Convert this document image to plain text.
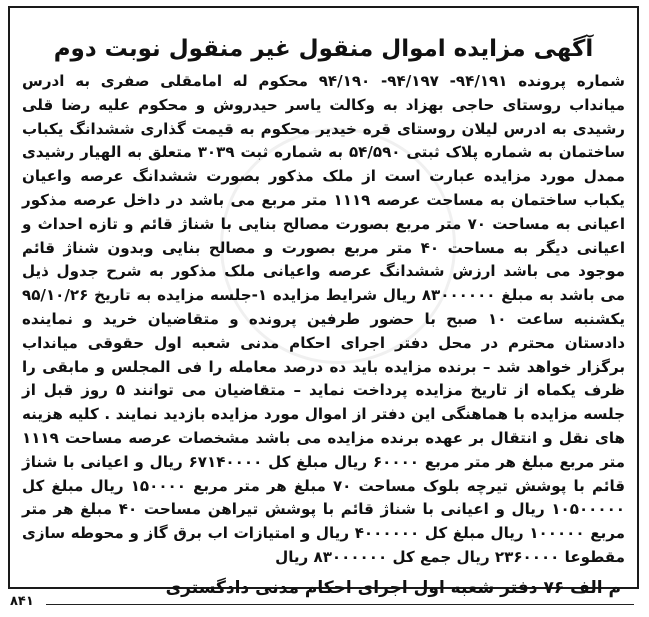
آگهی مزایده اموال منقول غیر منقول نوبت دوم

شماره پرونده ۹۴/۱۹۱- ۹۴/۱۹۷- ۹۴/۱۹۰ محکوم له امامقلی صفری به ادرس میانداب روستای حاجی بهزاد به وکالت یاسر حیدروش و محکوم علیه رضا قلی رشیدی به ادرس لیلان روستای قره خیدیر محکوم به قیمت گذاری ششدانگ یکباب ساختمان به شماره پلاک ثبتی ۵۴/۵۹۰ به شماره ثبت ۳۰۳۹ متعلق به الهیار رشیدی ممدل مورد مزایده عبارت است از ملک مذکور بصورت ششدانگ عرصه واعیان یکباب ساختمان به مساحت عرصه ۱۱۱۹ متر مربع می باشد در داخل عرصه مذکور اعیانی به مساحت ۷۰ متر مربع بصورت مصالح بنایی با شناژ قائم و تازه احداث و اعیانی دیگر به مساحت ۴۰ متر مربع بصورت و مصالح بنایی وبدون شناژ قائم موجود می باشد ارزش ششدانگ عرصه واعیانی ملک مذکور به شرح جدول ذیل می باشد به مبلغ ۸۳۰۰۰۰۰۰ ریال شرایط مزایده ۱-جلسه مزایده به تاریخ ۹۵/۱۰/۲۶ یکشنبه ساعت ۱۰ صبح با حضور طرفین پرونده و متقاضیان خرید و نماینده دادستان محترم در محل دفتر اجرای احکام مدنی شعبه اول حقوقی میانداب برگزار خواهد شد – برنده مزایده باید ده درصد معامله را فی المجلس و مابقی را ظرف یکماه از تاریخ مزایده پرداخت نماید – متقاضیان می توانند ۵ روز قبل از جلسه مزایده با هماهنگی این دفتر از اموال مورد مزایده بازدید نمایند . کلیه هزینه های نقل و انتقال بر عهده برنده مزایده می باشد مشخصات عرصه مساحت ۱۱۱۹ متر مربع مبلغ هر متر مربع ۶۰۰۰۰ ریال مبلغ کل ۶۷۱۴۰۰۰۰ ریال و اعیانی با شناژ قائم با پوشش تیرچه بلوک مساحت ۷۰ مبلغ هر متر مربع ۱۵۰۰۰۰ ریال مبلغ کل ۱۰۵۰۰۰۰۰ ریال و اعیانی با شناژ قائم با پوشش تیراهن مساحت ۴۰ مبلغ هر متر مربع ۱۰۰۰۰۰ ریال مبلغ کل ۴۰۰۰۰۰۰ ریال و امتیازات اب برق گاز و محوطه سازی مقطوعا ۲۳۶۰۰۰۰ ریال جمع کل ۸۳۰۰۰۰۰۰ ریال

م الف ۷۶ دفتر شعبه اول اجرای احکام مدنی دادگستری

۸۴۱
